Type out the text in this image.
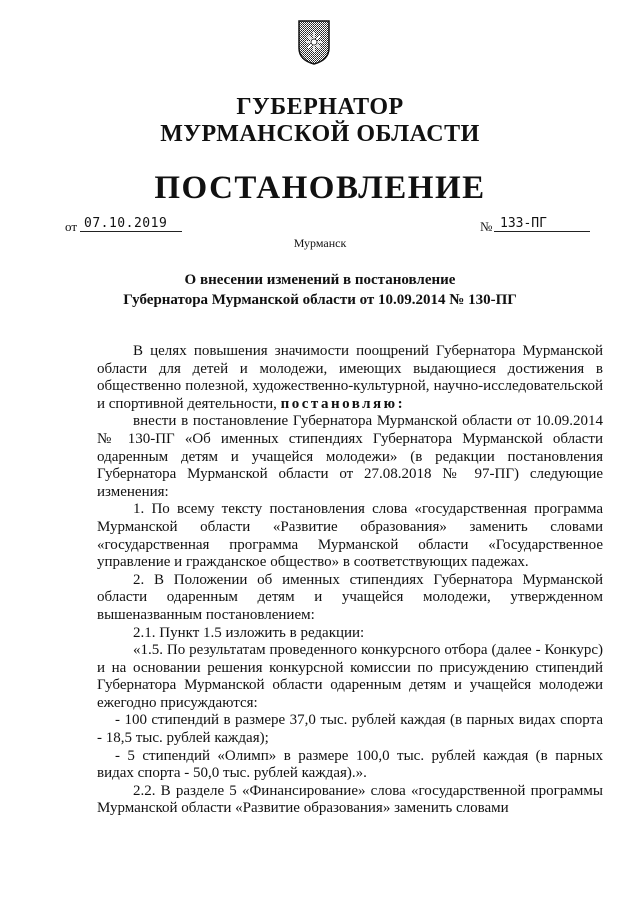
ГУБЕРНАТОР
МУРМАНСКОЙ ОБЛАСТИ
ПОСТАНОВЛЕНИЕ
от 07.10.2019	№ 133-ПГ
Мурманск
О внесении изменений в постановление
Губернатора Мурманской области от 10.09.2014 № 130-ПГ

В целях повышения значимости поощрений Губернатора Мурманской области для детей и молодежи, имеющих выдающиеся достижения в общественно полезной, художественно-культурной, научно-исследовательской и спортивной деятельности, постановляю:

внести в постановление Губернатора Мурманской области от 10.09.2014 № 130-ПГ «Об именных стипендиях Губернатора Мурманской области одаренным детям и учащейся молодежи» (в редакции постановления Губернатора Мурманской области от 27.08.2018 № 97-ПГ) следующие изменения:

1. По всему тексту постановления слова «государственная программа Мурманской области «Развитие образования» заменить словами «государственная программа Мурманской области «Государственное управление и гражданское общество» в соответствующих падежах.

2. В Положении об именных стипендиях Губернатора Мурманской области одаренным детям и учащейся молодежи, утвержденном вышеназванным постановлением:

2.1. Пункт 1.5 изложить в редакции:

«1.5. По результатам проведенного конкурсного отбора (далее - Конкурс) и на основании решения конкурсной комиссии по присуждению стипендий Губернатора Мурманской области одаренным детям и учащейся молодежи ежегодно присуждаются:

- 100 стипендий в размере 37,0 тыс. рублей каждая (в парных видах спорта - 18,5 тыс. рублей каждая);

- 5 стипендий «Олимп» в размере 100,0 тыс. рублей каждая (в парных видах спорта - 50,0 тыс. рублей каждая).».

2.2. В разделе 5 «Финансирование» слова «государственной программы Мурманской области «Развитие образования» заменить словами
